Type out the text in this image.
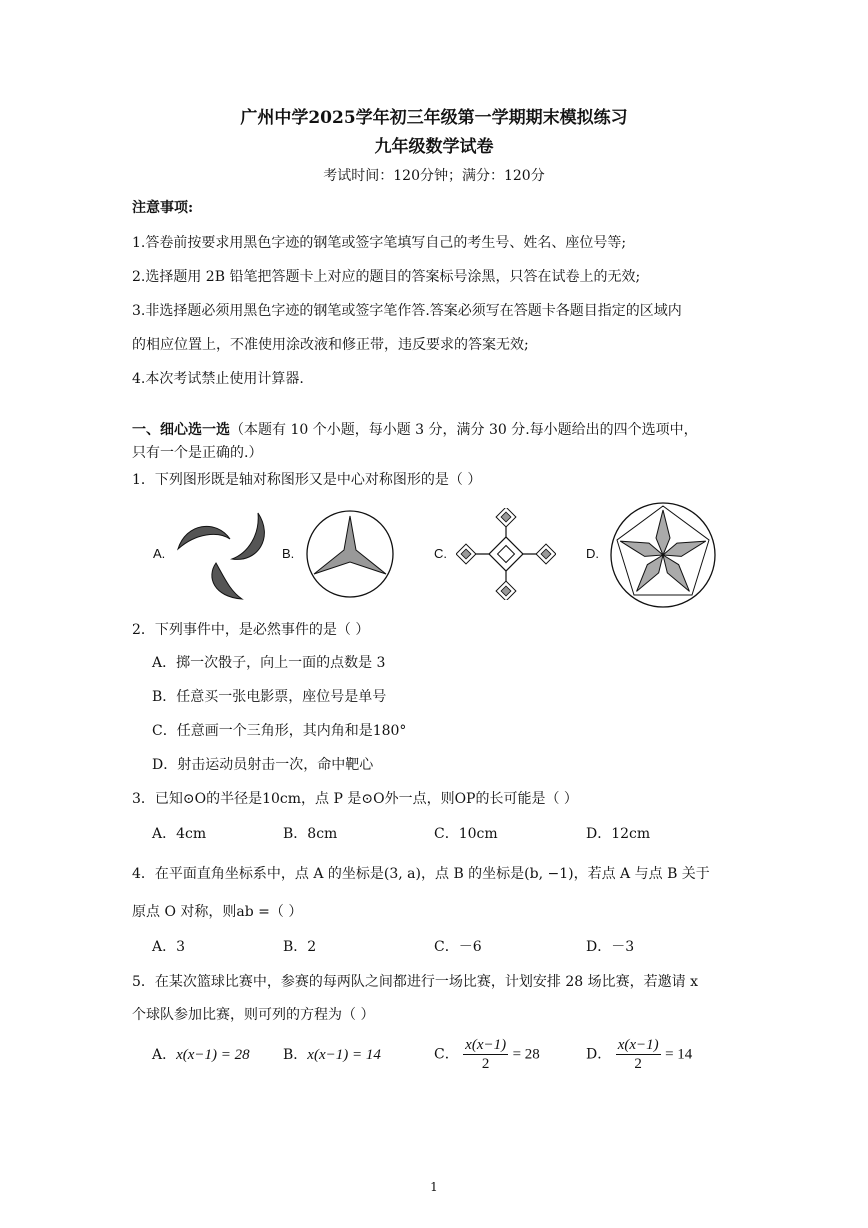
广州中学2025学年初三年级第一学期期末模拟练习
九年级数学试卷
考试时间：120分钟；满分：120分
注意事项:
1.答卷前按要求用黑色字迹的钢笔或签字笔填写自己的考生号、姓名、座位号等;
2.选择题用 2B 铅笔把答题卡上对应的题目的答案标号涂黑，只答在试卷上的无效;
3.非选择题必须用黑色字迹的钢笔或签字笔作答.答案必须写在答题卡各题目指定的区域内
的相应位置上，不准使用涂改液和修正带，违反要求的答案无效;
4.本次考试禁止使用计算器.
一、细心选一选（本题有 10 个小题，每小题 3 分，满分 30 分.每小题给出的四个选项中，
只有一个是正确的.）
1．下列图形既是轴对称图形又是中心对称图形的是（ ）
A.	B.	C.	D.
2．下列事件中，是必然事件的是（ ）
A．掷一次骰子，向上一面的点数是 3
B．任意买一张电影票，座位号是单号
C．任意画一个三角形，其内角和是180°
D．射击运动员射击一次，命中靶心
3．已知⊙O的半径是10cm，点 P 是⊙O外一点，则OP的长可能是（ ）
A．4cm	B．8cm	C．10cm	D．12cm
4．在平面直角坐标系中，点 A 的坐标是(3, a)，点 B 的坐标是(b, −1)，若点 A 与点 B 关于
原点 O 对称，则ab =（ ）
A．3	B．2	C．－6	D．－3
5．在某次篮球比赛中，参赛的每两队之间都进行一场比赛，计划安排 28 场比赛，若邀请 x
个球队参加比赛，则可列的方程为（ ）
A．x(x−1) = 28 B．x(x−1) = 14	C． $\frac{x(x-1)}{2} = 28$	D． $\frac{x(x-1)}{2} = 14$
1
